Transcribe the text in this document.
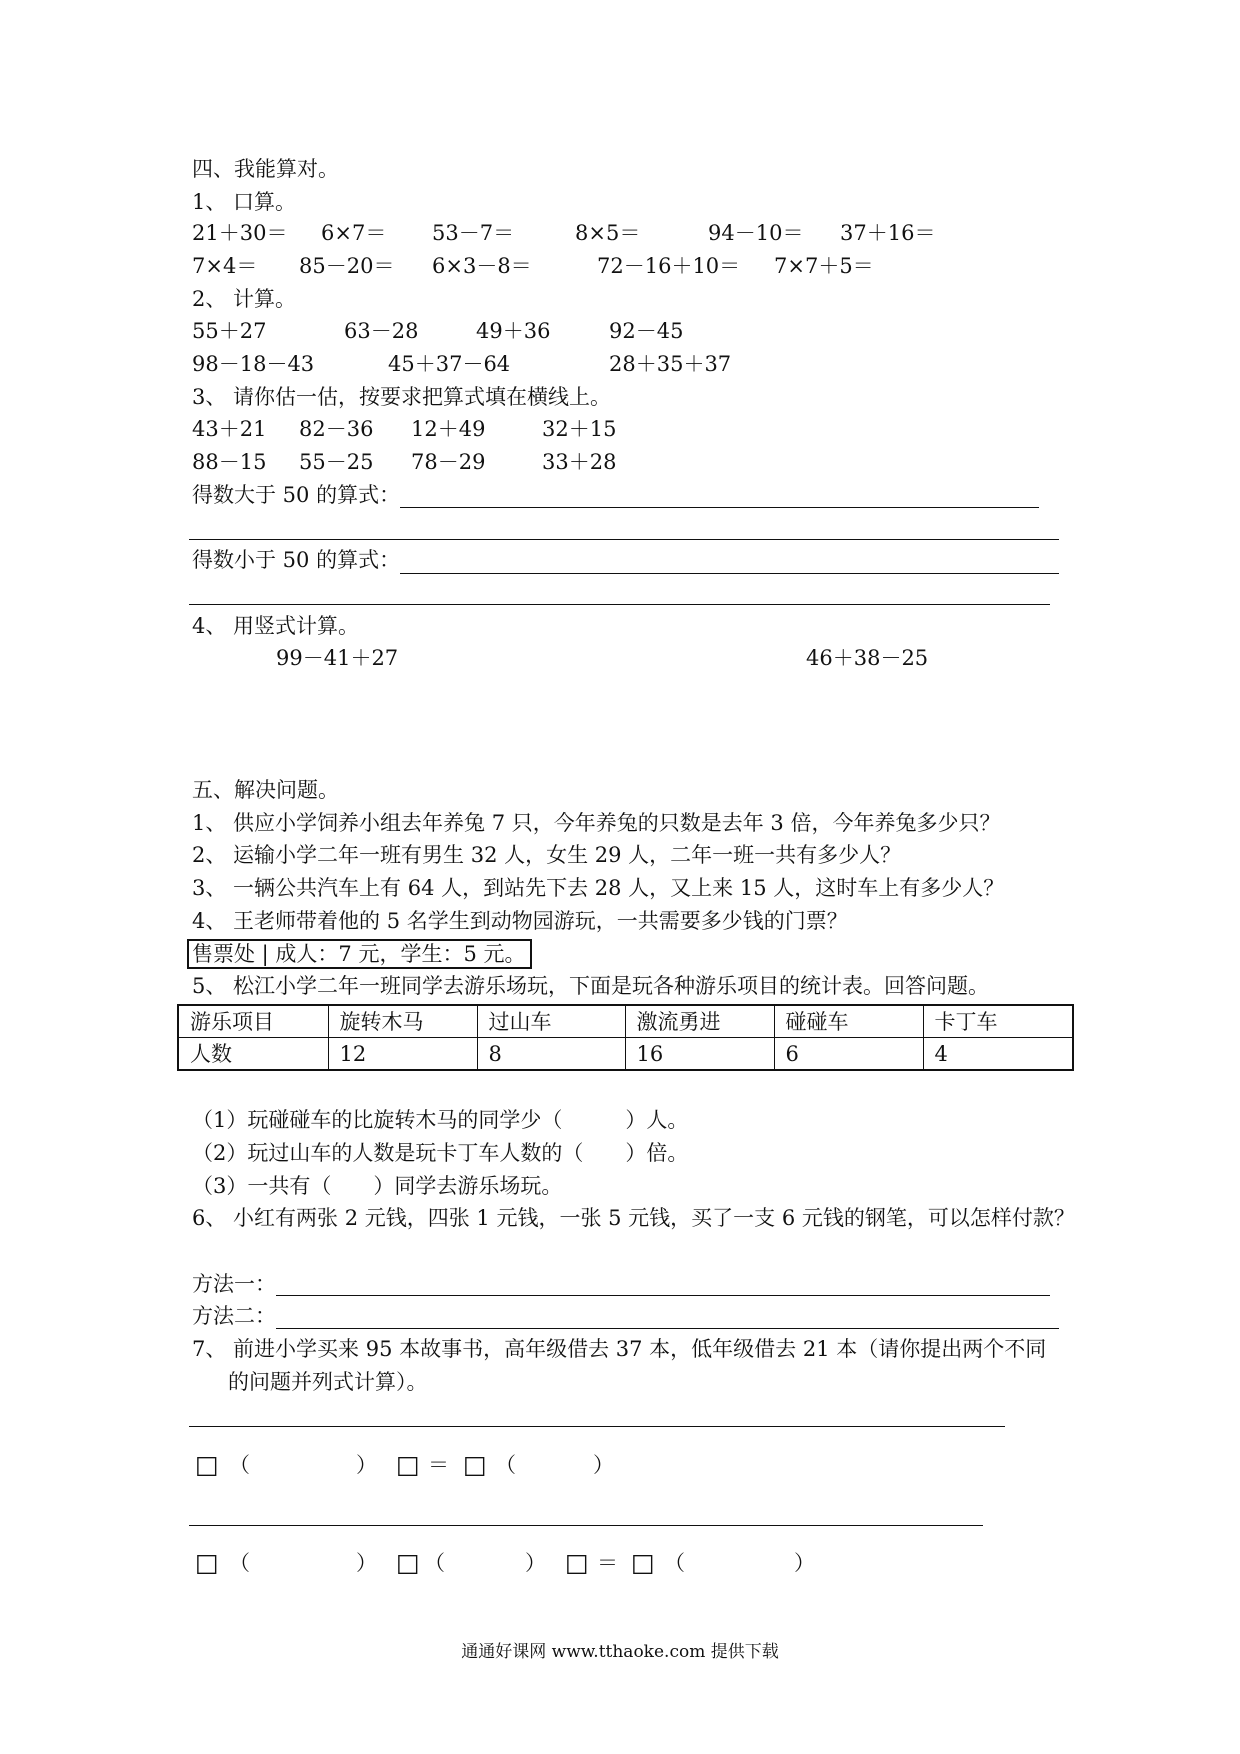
四、我能算对。
1、 口算。
21＋30＝ 6×7＝ 53－7＝	8×5＝	94－10＝ 37＋16＝
7×4＝ 85－20＝ 6×3－8＝	72－16＋10＝ 7×7＋5＝
2、 计算。
55＋27	63－28	49＋36	92－45
98－18－43	45＋37－64	28＋35＋37
3、 请你估一估，按要求把算式填在横线上。
43＋21 82－36 12＋49	32＋15
88－15 55－25 78－29	33＋28
得数大于 50 的算式：
得数小于 50 的算式：
4、 用竖式计算。
99－41＋27	46＋38－25
五、解决问题。
1、 供应小学饲养小组去年养兔 7 只，今年养兔的只数是去年 3 倍，今年养兔多少只？
2、 运输小学二年一班有男生 32 人，女生 29 人，二年一班一共有多少人？
3、 一辆公共汽车上有 64 人，到站先下去 28 人，又上来 15 人，这时车上有多少人？
4、 王老师带着他的 5 名学生到动物园游玩，一共需要多少钱的门票？
售票处 | 成人：7 元，学生：5 元。
5、 松江小学二年一班同学去游乐场玩，下面是玩各种游乐项目的统计表。回答问题。
游乐项目	旋转木马	过山车	激流勇进	碰碰车	卡丁车
人数	12	8	16	6	4
（1）玩碰碰车的比旋转木马的同学少（　　　）人。
（2）玩过山车的人数是玩卡丁车人数的（　　）倍。
（3）一共有（　　）同学去游乐场玩。
6、 小红有两张 2 元钱，四张 1 元钱，一张 5 元钱，买了一支 6 元钱的钢笔，可以怎样付款？
方法一：
方法二：
7、 前进小学买来 95 本故事书，高年级借去 37 本，低年级借去 21 本（请你提出两个不同
的问题并列式计算）。
□ （	） □ ＝ □ （	）
□ （	） □ （	） □ ＝ □ （	）
通通好课网 www.tthaoke.com 提供下载
